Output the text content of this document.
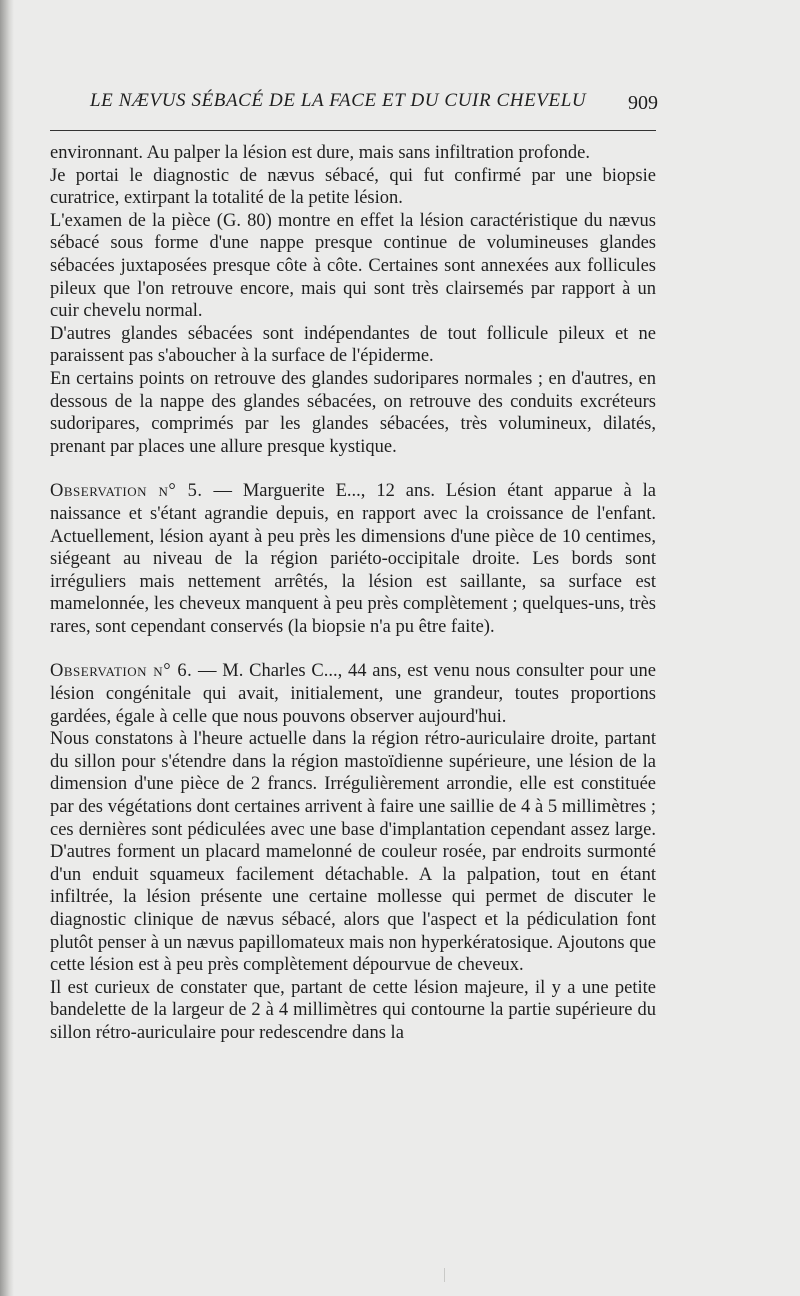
LE NÆVUS SÉBACÉ DE LA FACE ET DU CUIR CHEVELU 909

environnant. Au palper la lésion est dure, mais sans infiltration profonde.

Je portai le diagnostic de nævus sébacé, qui fut confirmé par une biopsie curatrice, extirpant la totalité de la petite lésion.

L'examen de la pièce (G. 80) montre en effet la lésion caractéristique du nævus sébacé sous forme d'une nappe presque continue de volumineuses glandes sébacées juxtaposées presque côte à côte. Certaines sont annexées aux follicules pileux que l'on retrouve encore, mais qui sont très clairsemés par rapport à un cuir chevelu normal.

D'autres glandes sébacées sont indépendantes de tout follicule pileux et ne paraissent pas s'aboucher à la surface de l'épiderme.

En certains points on retrouve des glandes sudoripares normales ; en d'autres, en dessous de la nappe des glandes sébacées, on retrouve des conduits excréteurs sudoripares, comprimés par les glandes sébacées, très volumineux, dilatés, prenant par places une allure presque kystique.

Observation n° 5. — Marguerite E..., 12 ans. Lésion étant apparue à la naissance et s'étant agrandie depuis, en rapport avec la croissance de l'enfant. Actuellement, lésion ayant à peu près les dimensions d'une pièce de 10 centimes, siégeant au niveau de la région pariéto-occipitale droite. Les bords sont irréguliers mais nettement arrêtés, la lésion est saillante, sa surface est mamelonnée, les cheveux manquent à peu près complètement ; quelques-uns, très rares, sont cependant conservés (la biopsie n'a pu être faite).

Observation n° 6. — M. Charles C..., 44 ans, est venu nous consulter pour une lésion congénitale qui avait, initialement, une grandeur, toutes proportions gardées, égale à celle que nous pouvons observer aujourd'hui.

Nous constatons à l'heure actuelle dans la région rétro-auriculaire droite, partant du sillon pour s'étendre dans la région mastoïdienne supérieure, une lésion de la dimension d'une pièce de 2 francs. Irrégulièrement arrondie, elle est constituée par des végétations dont certaines arrivent à faire une saillie de 4 à 5 millimètres ; ces dernières sont pédiculées avec une base d'implantation cependant assez large. D'autres forment un placard mamelonné de couleur rosée, par endroits surmonté d'un enduit squameux facilement détachable. A la palpation, tout en étant infiltrée, la lésion présente une certaine mollesse qui permet de discuter le diagnostic clinique de nævus sébacé, alors que l'aspect et la pédiculation font plutôt penser à un nævus papillomateux mais non hyperkératosique. Ajoutons que cette lésion est à peu près complètement dépourvue de cheveux.

Il est curieux de constater que, partant de cette lésion majeure, il y a une petite bandelette de la largeur de 2 à 4 millimètres qui contourne la partie supérieure du sillon rétro-auriculaire pour redescendre dans la
